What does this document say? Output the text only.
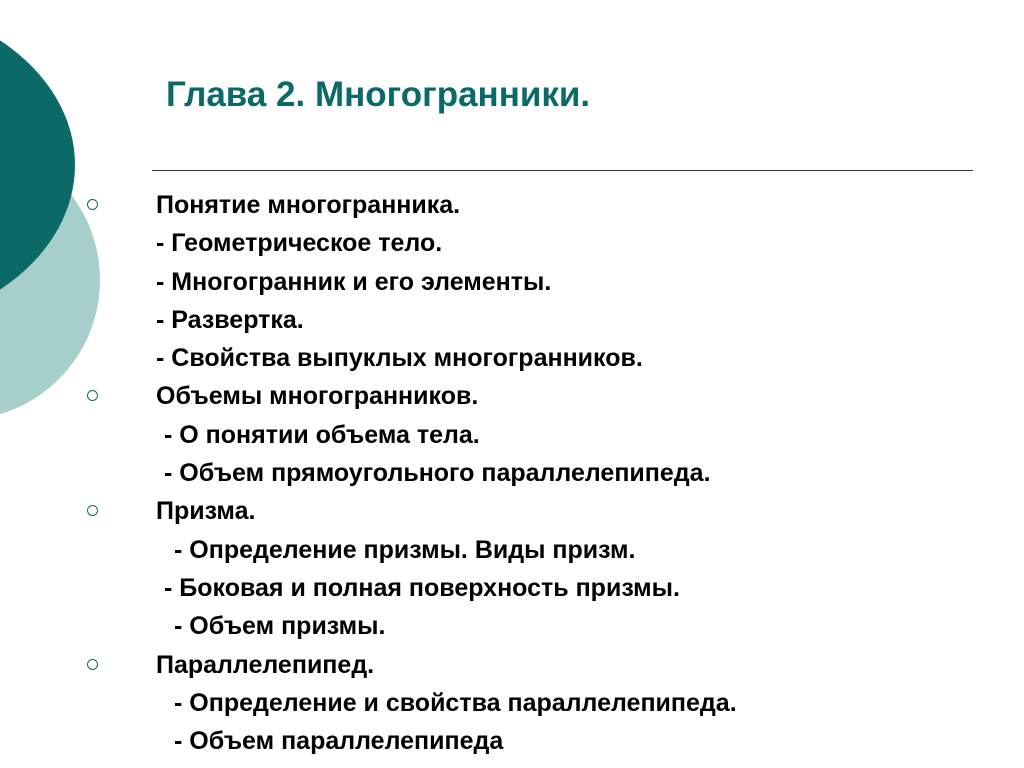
Глава 2. Многогранники.
Понятие многогранника.
- Геометрическое тело.
- Многогранник и его элементы.
- Развертка.
- Свойства выпуклых многогранников.
Объемы многогранников.
- О понятии объема тела.
- Объем прямоугольного параллелепипеда.
Призма.
- Определение призмы. Виды призм.
- Боковая и полная поверхность призмы.
- Объем призмы.
Параллелепипед.
- Определение и свойства параллелепипеда.
- Объем параллелепипеда
